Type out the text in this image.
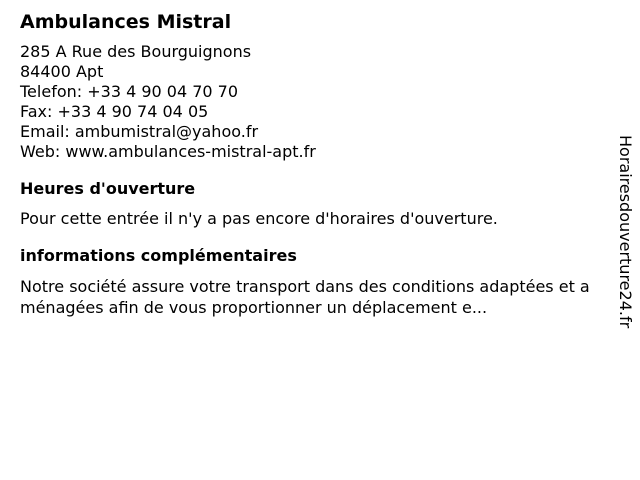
Ambulances Mistral
285 A Rue des Bourguignons
84400 Apt
Telefon: +33 4 90 04 70 70
Fax: +33 4 90 74 04 05
Email: ambumistral@yahoo.fr
Web: www.ambulances-mistral-apt.fr
Heures d'ouverture
Pour cette entrée il n'y a pas encore d'horaires d'ouverture.
informations complémentaires
Notre société assure votre transport dans des conditions adaptées et aménagées afin de vous proportionner un déplacement e...	Horairesdouverture24.fr
